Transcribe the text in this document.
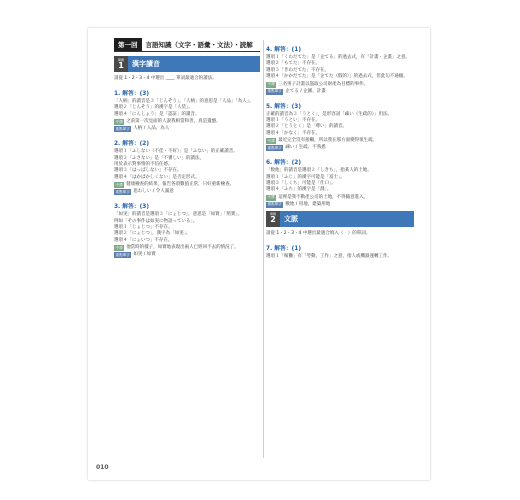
第一回	言語知識（文字・語彙・文法）・読解
問題
1	漢字讀音
請從 1・2・3・4 中選出 ____ 單詞最適合的讀法。
1. 解答：(3)

「人柄」的讀音是３「じんぞう」。「人柄」的意思是「人品」「為人」。

選項２「じんそう」的漢字是「人装」。

選項４「にんしょう」是「認証」的讀音。

中譯 之前第一次見面的人說我相當和善，真是遺憾。
重點單字 人柄 / 人品、為人
2. 解答：(2)

選項１「ふしない（不佳・不好）」是「ふない」的正確讀音。

選項２「ふさない」是「不審しい」的讀法，

用於表示對事情的不信任感。

選項３「はっぱしない」不存在。

選項４「はかばかしくない」是否定形式。

中譯 健康檢查的結果，報告各項數值正常，只好重新檢查。
重點單字 思わしい / 令人滿意
3. 解答：(3)

「如実」的讀音是選項３「にょじつ」，意思是「如實」「照實」。

例如「その事件は如実に物語っている」。

選項１「じょじつ」不存在。

選項２「にょじつ」，漢字為「如実」。

選項４「にょいつ」不存在。

中譯 他當時的樣子，如實地表現出兩人已經回不去的情況了。
重點單字 如実 / 如實
4. 解答：(1)

選項１「くわだてた」是「企てる」的過去式，有「計畫・企畫」之意。

選項２「もてた」不存在。

選項３「きわだてた」不存在。

選項４「かかだてた」是「企てた（假的）」的過去式，但此句不通順。

中譯 三名男子計畫以盜取公司財產為目標的事件。
重點單字 企てる / 企圖、計畫
5. 解答：(3)

正確的讀音為３「うとく」，是形容詞「疎い（生疏的）」用法。

選項１「うとい」不存在。

選項２「とうとく」是「尊い」的讀音。

選項４「かなく」不存在。

中譯 最近完全沒有接觸，所以我在那方面變得很生疏。
重點單字 疎い / 生疏、不熟悉
6. 解答：(2)

「数他」的讀音是選項２「しきち」，指某人的土地。

選項１「ふじ」的漢字可能是「富士」。

選項３「しくち」可能是「仕口」。

選項４「ふち」的漢字是「淵」。

中譯 這裡是我不動產公司的土地，不得隨意進入。
重點單字 敷地 / 用地、建築用地
問題
2	文脈
請從 1・2・3・4 中選出最適合填入（　）的單詞。
7. 解答：(1)

選項１「稼働」有「勞動、工作」之意，指人或機器運轉工作。

010
